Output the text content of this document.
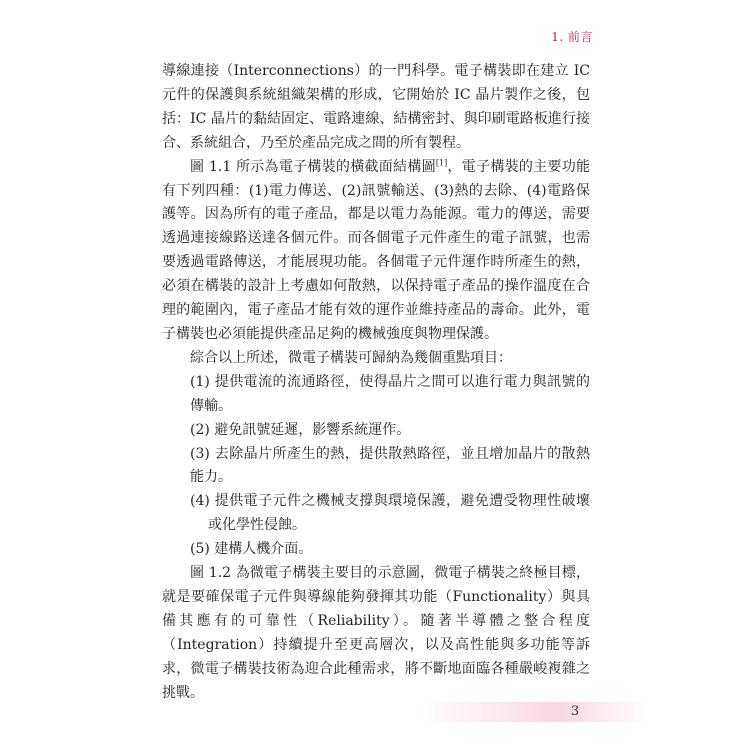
1. 前言

導線連接（Interconnections）的一門科學。電子構裝即在建立 IC 元件的保護與系統組織架構的形成，它開始於 IC 晶片製作之後，包括：IC 晶片的黏結固定、電路連線、結構密封、與印刷電路板進行接合、系統組合，乃至於產品完成之間的所有製程。

圖 1.1 所示為電子構裝的橫截面結構圖[1]，電子構裝的主要功能有下列四種：(1)電力傳送、(2)訊號輸送、(3)熱的去除、(4)電路保護等。因為所有的電子產品，都是以電力為能源。電力的傳送，需要透過連接線路送達各個元件。而各個電子元件產生的電子訊號，也需要透過電路傳送，才能展現功能。各個電子元件運作時所產生的熱，必須在構裝的設計上考慮如何散熱，以保持電子產品的操作溫度在合理的範圍內，電子產品才能有效的運作並維持產品的壽命。此外，電子構裝也必須能提供產品足夠的機械強度與物理保護。

綜合以上所述，微電子構裝可歸納為幾個重點項目：

(1) 提供電流的流通路徑，使得晶片之間可以進行電力與訊號的傳輸。
(2) 避免訊號延遲，影響系統運作。
(3) 去除晶片所產生的熱，提供散熱路徑，並且增加晶片的散熱能力。
(4) 提供電子元件之機械支撐與環境保護，避免遭受物理性破壞或化學性侵蝕。
(5) 建構人機介面。

圖 1.2 為微電子構裝主要目的示意圖，微電子構裝之終極目標，就是要確保電子元件與導線能夠發揮其功能（Functionality）與具備其應有的可靠性（Reliability）。隨著半導體之整合程度（Integration）持續提升至更高層次，以及高性能與多功能等訴求，微電子構裝技術為迎合此種需求，將不斷地面臨各種嚴峻複雜之挑戰。

3
